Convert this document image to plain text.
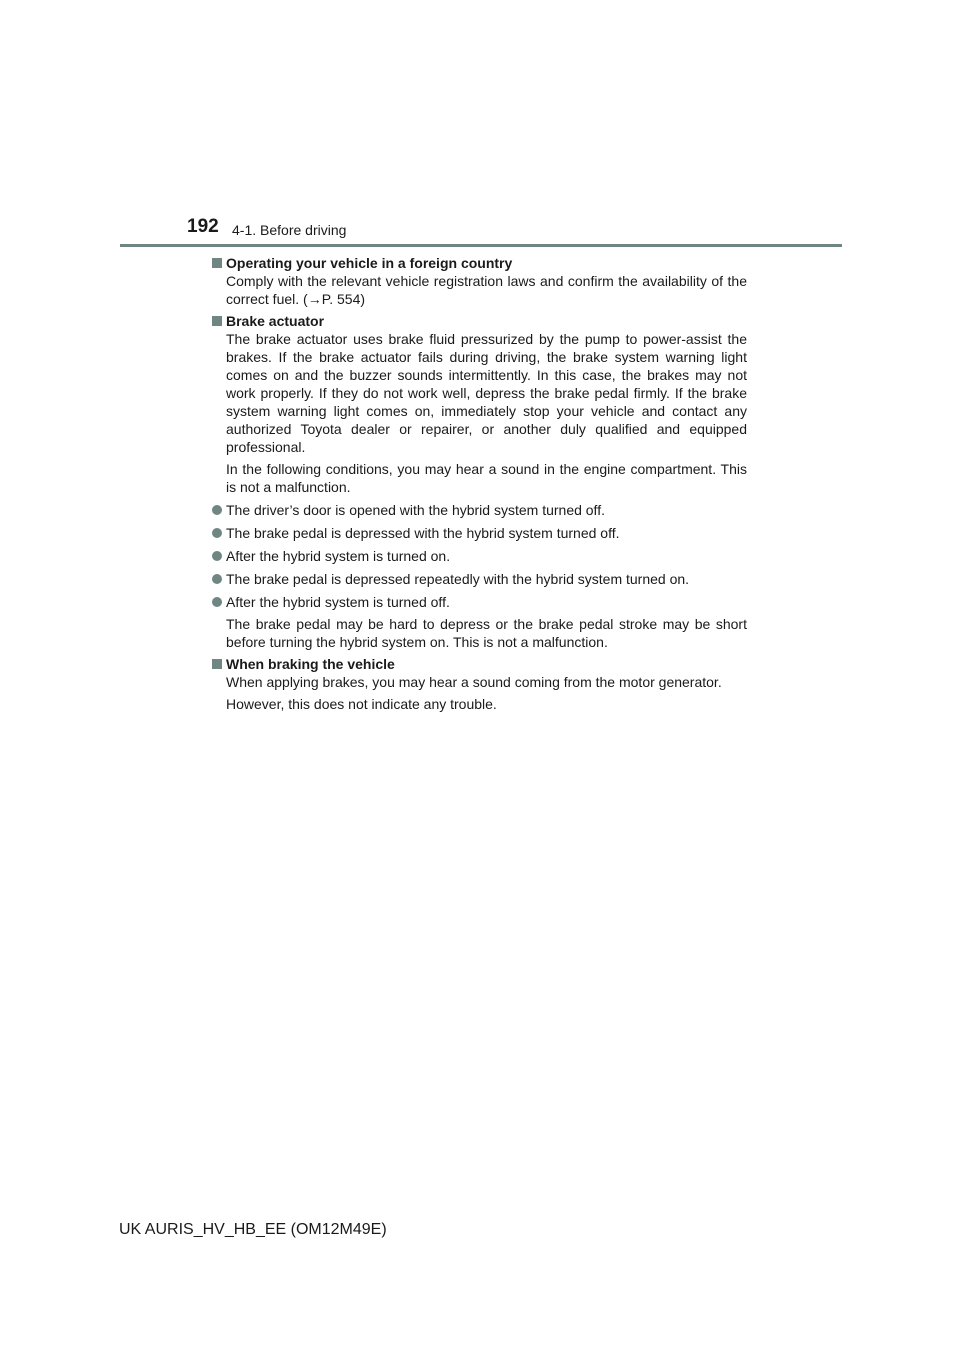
192 4-1. Before driving
Operating your vehicle in a foreign country
Comply with the relevant vehicle registration laws and confirm the availability of the correct fuel. (→P. 554)
Brake actuator
The brake actuator uses brake fluid pressurized by the pump to power-assist the brakes. If the brake actuator fails during driving, the brake system warning light comes on and the buzzer sounds intermittently. In this case, the brakes may not work properly. If they do not work well, depress the brake pedal firmly. If the brake system warning light comes on, immediately stop your vehicle and contact any authorized Toyota dealer or repairer, or another duly qualified and equipped professional.
In the following conditions, you may hear a sound in the engine compartment. This is not a malfunction.
The driver’s door is opened with the hybrid system turned off.
The brake pedal is depressed with the hybrid system turned off.
After the hybrid system is turned on.
The brake pedal is depressed repeatedly with the hybrid system turned on.
After the hybrid system is turned off.
The brake pedal may be hard to depress or the brake pedal stroke may be short before turning the hybrid system on. This is not a malfunction.
When braking the vehicle
When applying brakes, you may hear a sound coming from the motor generator.
However, this does not indicate any trouble.
UK AURIS_HV_HB_EE (OM12M49E)
